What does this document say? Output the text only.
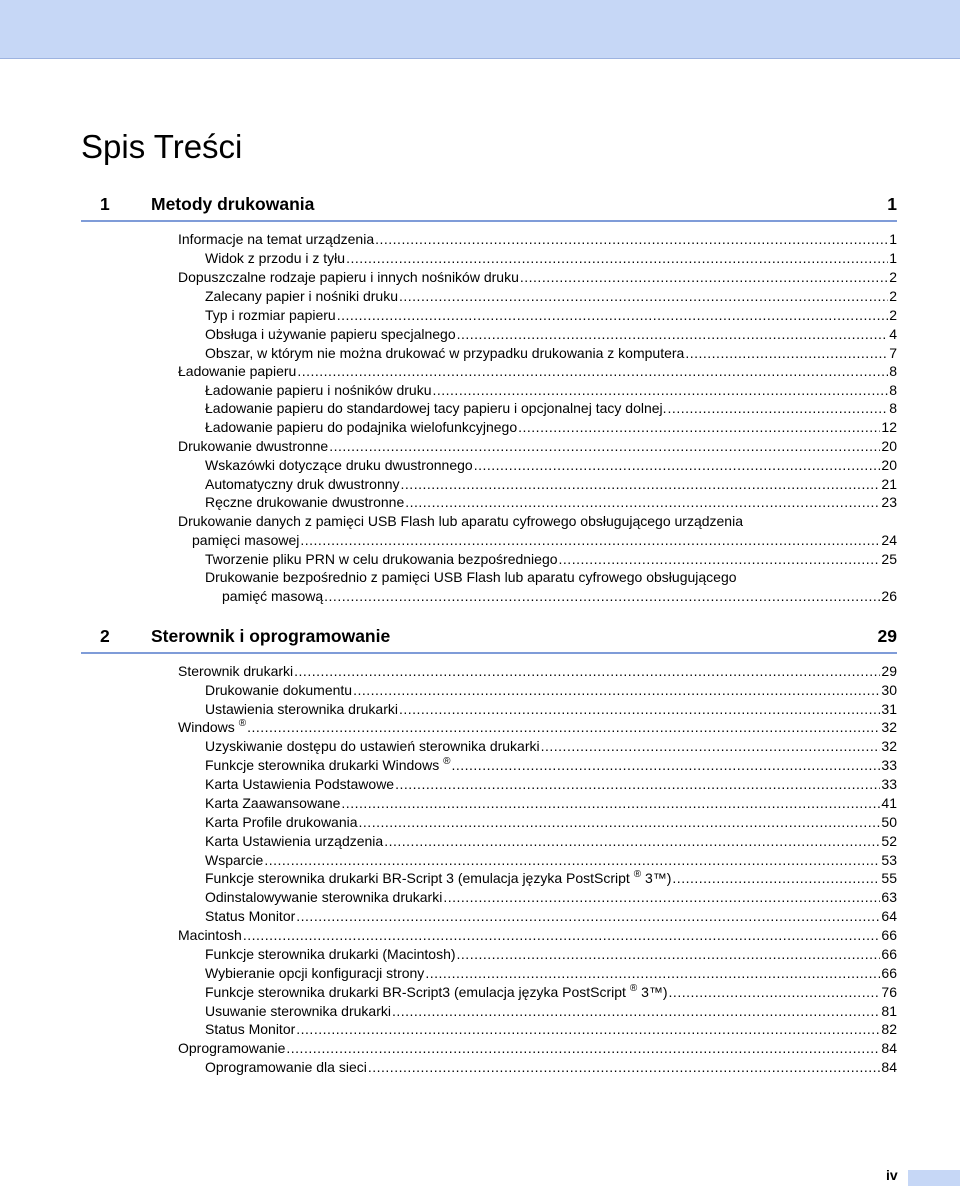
Spis Treści
1 Metody drukowania	1
2 Sterownik i oprogramowanie	29
Informacje na temat urządzenia .....	1
Widok z przodu i z tyłu .....	1
Dopuszczalne rodzaje papieru i innych nośników druku .....	2
Zalecany papier i nośniki druku .....	2
Typ i rozmiar papieru .....	2
Obsługa i używanie papieru specjalnego .....	4
Obszar, w którym nie można drukować w przypadku drukowania z komputera .....	7
Ładowanie papieru .....	8
Ładowanie papieru i nośników druku .....	8
Ładowanie papieru do standardowej tacy papieru i opcjonalnej tacy dolnej. .....	8
Ładowanie papieru do podajnika wielofunkcyjnego .....	12
Drukowanie dwustronne .....	20
Wskazówki dotyczące druku dwustronnego .....	20
Automatyczny druk dwustronny .....	21
Ręczne drukowanie dwustronne .....	23
Drukowanie danych z pamięci USB Flash lub aparatu cyfrowego obsługującego urządzenia
pamięci masowej .....	24
Tworzenie pliku PRN w celu drukowania bezpośredniego .....	25
Drukowanie bezpośrednio z pamięci USB Flash lub aparatu cyfrowego obsługującego
pamięć masową .....	26
Sterownik drukarki .....	29
Drukowanie dokumentu .....	30
Ustawienia sterownika drukarki .....	31
Windows ® .....	32
Uzyskiwanie dostępu do ustawień sterownika drukarki .....	32
Funkcje sterownika drukarki Windows ® .....	33
Karta Ustawienia Podstawowe .....	33
Karta Zaawansowane .....	41
Karta Profile drukowania .....	50
Karta Ustawienia urządzenia .....	52
Wsparcie .....	53
Funkcje sterownika drukarki BR-Script 3 (emulacja języka PostScript ® 3™) .....	55
Odinstalowywanie sterownika drukarki .....	63
Status Monitor .....	64
Macintosh .....	66
Funkcje sterownika drukarki (Macintosh) .....	66
Wybieranie opcji konfiguracji strony .....	66
Funkcje sterownika drukarki BR-Script3 (emulacja języka PostScript ® 3™) .....	76
Usuwanie sterownika drukarki .....	81
Status Monitor .....	82
Oprogramowanie .....	84
Oprogramowanie dla sieci .....	84
iv
